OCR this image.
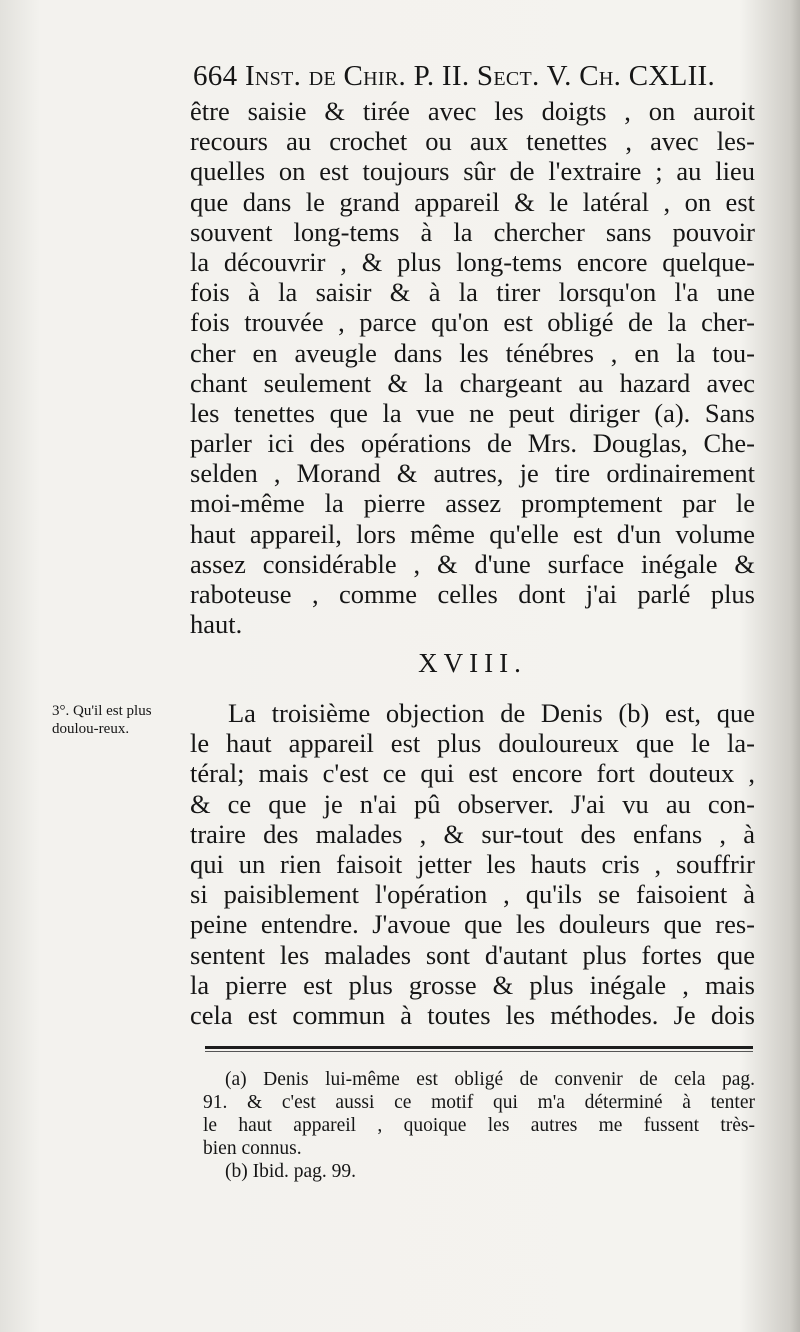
664 Inst. de Chir. P. II. Sect. V. Ch. CXLII.
être saisie & tirée avec les doigts , on auroit
recours au crochet ou aux tenettes , avec les-
quelles on est toujours sûr de l'extraire ; au lieu
que dans le grand appareil & le latéral , on est
souvent long-tems à la chercher sans pouvoir
la découvrir , & plus long-tems encore quelque-
fois à la saisir & à la tirer lorsqu'on l'a une
fois trouvée , parce qu'on est obligé de la cher-
cher en aveugle dans les ténébres , en la tou-
chant seulement & la chargeant au hazard avec
les tenettes que la vue ne peut diriger (a). Sans
parler ici des opérations de Mrs. Douglas, Che-
selden , Morand & autres, je tire ordinairement
moi-même la pierre assez promptement par le
haut appareil, lors même qu'elle est d'un volume
assez considérable , & d'une surface inégale &
raboteuse , comme celles dont j'ai parlé plus
haut.
XVIII.
3°. Qu'il est plus doulou-reux.
La troisième objection de Denis (b) est, que
le haut appareil est plus douloureux que le la-
téral; mais c'est ce qui est encore fort douteux ,
& ce que je n'ai pû observer. J'ai vu au con-
traire des malades , & sur-tout des enfans , à
qui un rien faisoit jetter les hauts cris , souffrir
si paisiblement l'opération , qu'ils se faisoient à
peine entendre. J'avoue que les douleurs que res-
sentent les malades sont d'autant plus fortes que
la pierre est plus grosse & plus inégale , mais
cela est commun à toutes les méthodes. Je dois
(a) Denis lui-même est obligé de convenir de cela pag.
91. & c'est aussi ce motif qui m'a déterminé à tenter
le haut appareil , quoique les autres me fussent très-
bien connus.
(b) Ibid. pag. 99.
